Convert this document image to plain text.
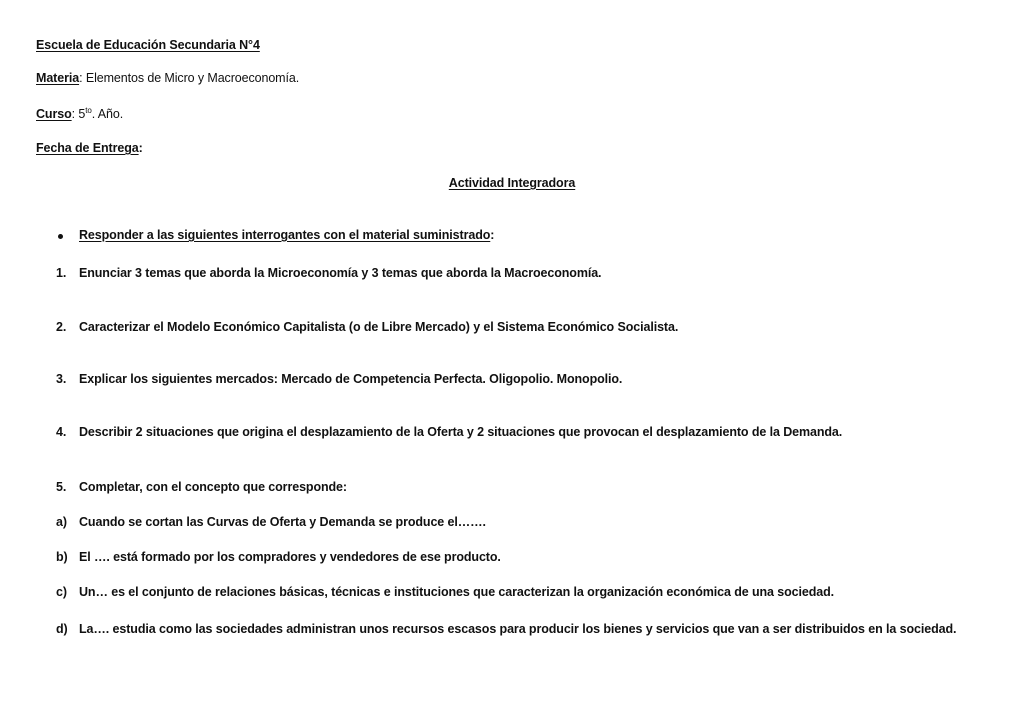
Escuela de Educación Secundaria N°4
Materia: Elementos de Micro y Macroeconomía.
Curso: $5^{to}$. Año.
Fecha de Entrega:
Actividad Integradora
Responder a las siguientes interrogantes con el material suministrado:
1. Enunciar 3 temas que aborda la Microeconomía y 3 temas que aborda la Macroeconomía.
2. Caracterizar el Modelo Económico Capitalista (o de Libre Mercado) y el Sistema Económico Socialista.
3. Explicar los siguientes mercados: Mercado de Competencia Perfecta. Oligopolio. Monopolio.
4. Describir 2 situaciones que origina el desplazamiento de la Oferta y 2 situaciones que provocan el desplazamiento de la Demanda.
5. Completar, con el concepto que corresponde:
a) Cuando se cortan las Curvas de Oferta y Demanda se produce el…….
b) El …. está formado por los compradores y vendedores de ese producto.
c) Un… es el conjunto de relaciones básicas, técnicas e instituciones que caracterizan la organización económica de una sociedad.
d) La…. estudia como las sociedades administran unos recursos escasos para producir los bienes y servicios que van a ser distribuidos en la sociedad.
